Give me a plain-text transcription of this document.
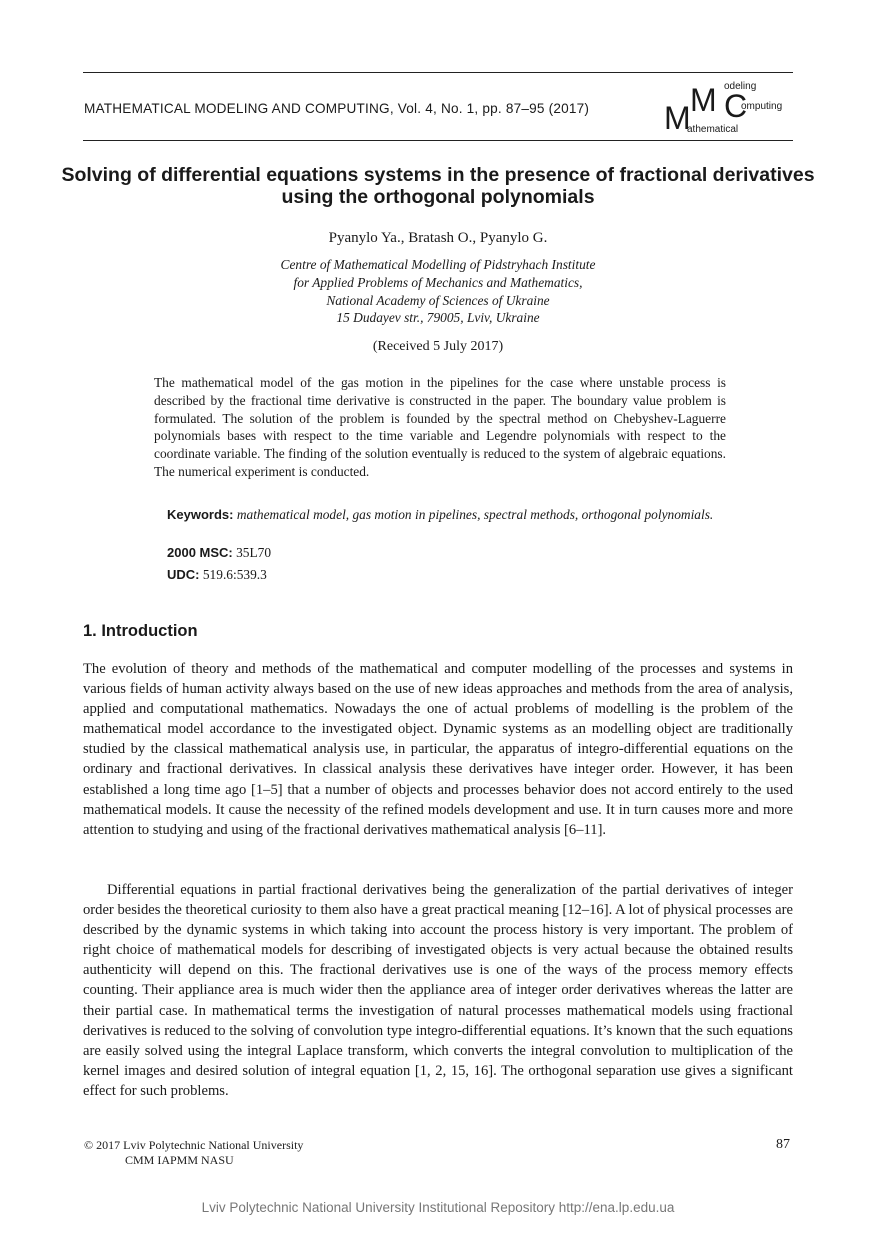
MATHEMATICAL MODELING AND COMPUTING, Vol. 4, No. 1, pp. 87–95 (2017) M M C
odeling
omputing
athematical
Solving of differential equations systems in the presence of fractional derivatives using the orthogonal polynomials
Pyanylo Ya., Bratash O., Pyanylo G.
Centre of Mathematical Modelling of Pidstryhach Institute
for Applied Problems of Mechanics and Mathematics,
National Academy of Sciences of Ukraine
15 Dudayev str., 79005, Lviv, Ukraine
(Received 5 July 2017)
The mathematical model of the gas motion in the pipelines for the case where unstable process is described by the fractional time derivative is constructed in the paper. The boundary value problem is formulated. The solution of the problem is founded by the spectral method on Chebyshev-Laguerre polynomials bases with respect to the time variable and Legendre polynomials with respect to the coordinate variable. The finding of the solution eventually is reduced to the system of algebraic equations. The numerical experiment is conducted.
Keywords: mathematical model, gas motion in pipelines, spectral methods, orthogonal polynomials.
2000 MSC: 35L70
UDC: 519.6:539.3
1. Introduction
The evolution of theory and methods of the mathematical and computer modelling of the processes and systems in various fields of human activity always based on the use of new ideas approaches and methods from the area of analysis, applied and computational mathematics. Nowadays the one of actual problems of modelling is the problem of the mathematical model accordance to the investigated object. Dynamic systems as an modelling object are traditionally studied by the classical mathematical analysis use, in particular, the apparatus of integro-differential equations on the ordinary and fractional derivatives. In classical analysis these derivatives have integer order. However, it has been established a long time ago [1–5] that a number of objects and processes behavior does not accord entirely to the used mathematical models. It cause the necessity of the refined models development and use. It in turn causes more and more attention to studying and using of the fractional derivatives mathematical analysis [6–11].
Differential equations in partial fractional derivatives being the generalization of the partial derivatives of integer order besides the theoretical curiosity to them also have a great practical meaning [12–16]. A lot of physical processes are described by the dynamic systems in which taking into account the process history is very important. The problem of right choice of mathematical models for describing of investigated objects is very actual because the obtained results authenticity will depend on this. The fractional derivatives use is one of the ways of the process memory effects counting. Their appliance area is much wider then the appliance area of integer order derivatives whereas the latter are their partial case. In mathematical terms the investigation of natural processes mathematical models using fractional derivatives is reduced to the solving of convolution type integro-differential equations. It’s known that the such equations are easily solved using the integral Laplace transform, which converts the integral convolution to multiplication of the kernel images and desired solution of integral equation [1, 2, 15, 16]. The orthogonal separation use gives a significant effect for such problems.
© 2017 Lviv Polytechnic National University
CMM IAPMM NASU
87
Lviv Polytechnic National University Institutional Repository http://ena.lp.edu.ua
